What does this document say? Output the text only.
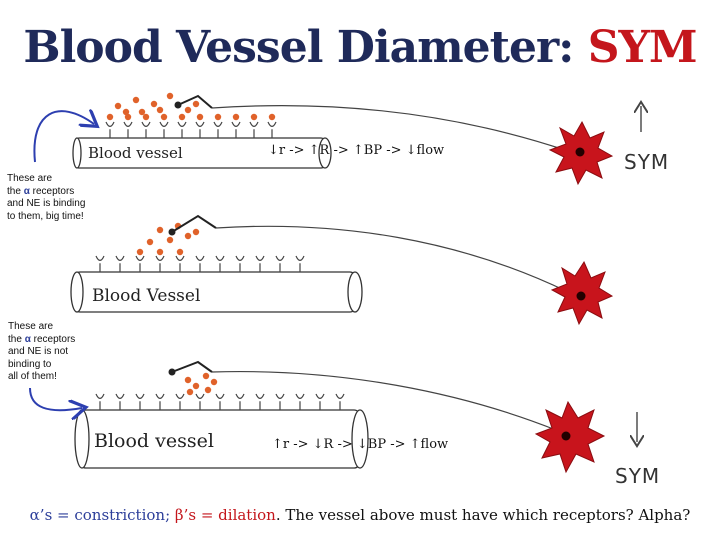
Blood Vessel Diameter: SYM
Blood vessel	↓r -> ↑R -> ↑BP -> ↓flow	SYM
These are
the α receptors
and NE is binding
to them, big time!
Blood Vessel
These are
the α receptors
and NE is not
binding to
all of them!
Blood vessel	↑r -> ↓R -> ↓BP -> ↑flow
SYM
α’s = constriction; β’s = dilation. The vessel above must have which receptors? Alpha?
